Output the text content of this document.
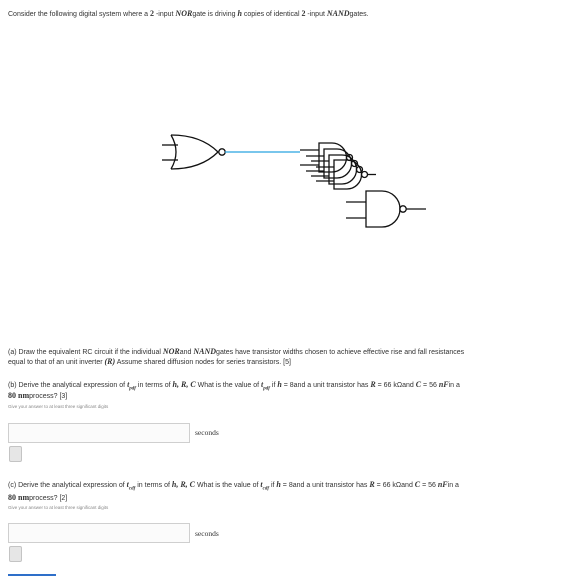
Consider the following digital system where a 2 -input NORgate is driving h copies of identical 2 -input NANDgates.
(a) Draw the equivalent RC circuit if the individual NORand NANDgates have transistor widths chosen to achieve effective rise and fall resistances
equal to that of an unit inverter (R) Assume shared diffusion nodes for series transistors. [5]
(b) Derive the analytical expression of $t_{pdf}$ in terms of h, R, C What is the value of $t_{pdf}$ if h = 8and a unit transistor has R = 66 kΩand C = 56 nFin a
80 nmprocess? [3]
Give your answer to at least three significant digits
seconds
(c) Derive the analytical expression of $t_{cdf}$ in terms of h, R, C What is the value of $t_{cdf}$ if h = 8and a unit transistor has R = 66 kΩand C = 56 nFin a
80 nmprocess? [2]
Give your answer to at least three significant digits
seconds
